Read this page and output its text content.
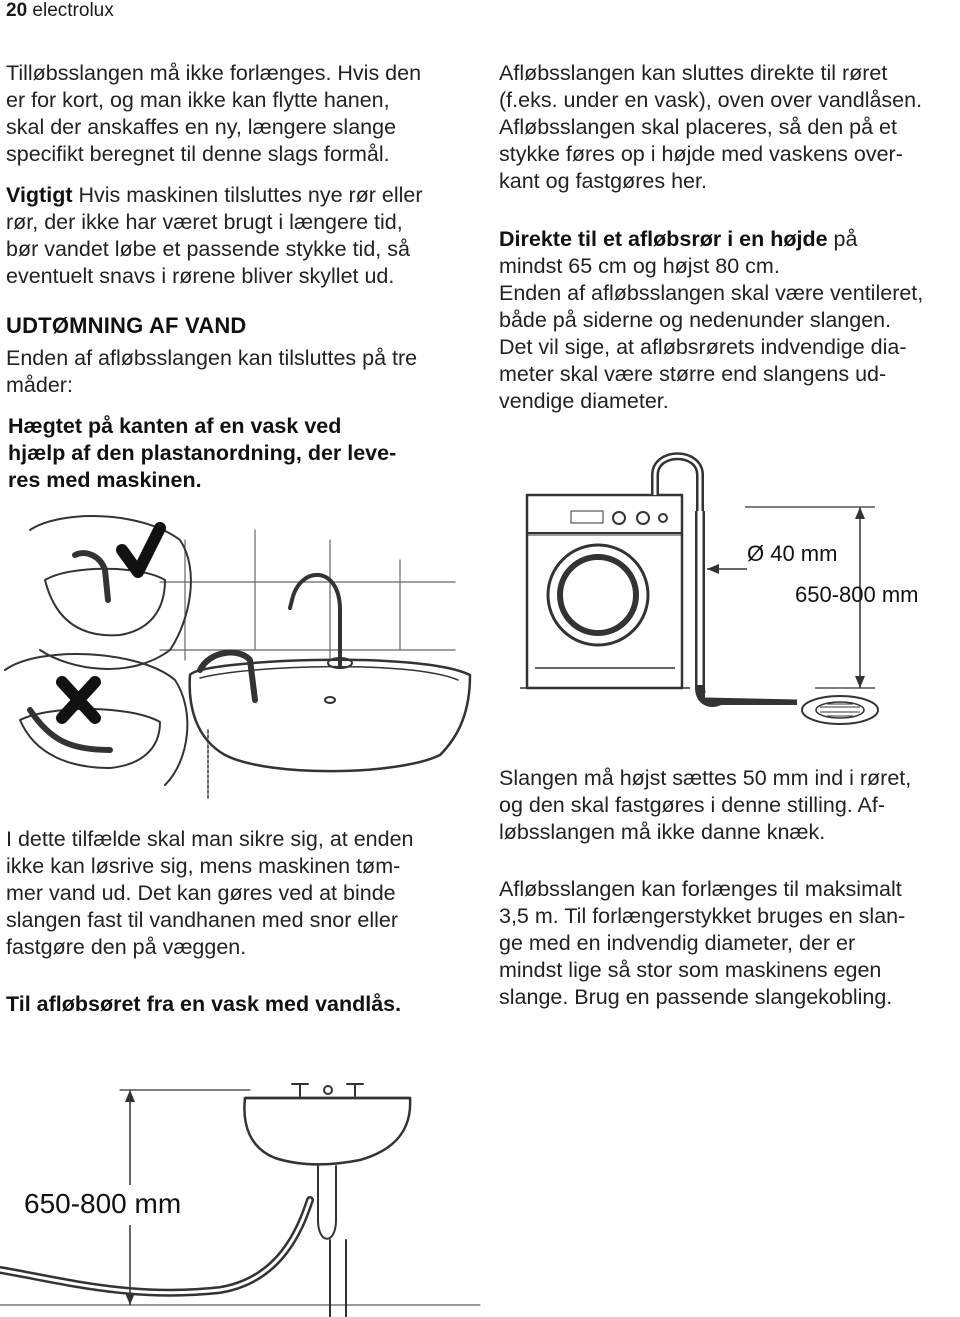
20 electrolux
Tilløbsslangen må ikke forlænges. Hvis den
er for kort, og man ikke kan flytte hanen,
skal der anskaffes en ny, længere slange
specifikt beregnet til denne slags formål.
Vigtigt Hvis maskinen tilsluttes nye rør eller
rør, der ikke har været brugt i længere tid,
bør vandet løbe et passende stykke tid, så
eventuelt snavs i rørene bliver skyllet ud.
UDTØMNING AF VAND
Enden af afløbsslangen kan tilsluttes på tre
måder:
Hægtet på kanten af en vask ved
hjælp af den plastanordning, der leve-
res med maskinen.
I dette tilfælde skal man sikre sig, at enden
ikke kan løsrive sig, mens maskinen tøm-
mer vand ud. Det kan gøres ved at binde
slangen fast til vandhanen med snor eller
fastgøre den på væggen.
Til afløbsøret fra en vask med vandlås.
Afløbsslangen kan sluttes direkte til røret
(f.eks. under en vask), oven over vandlåsen.
Afløbsslangen skal placeres, så den på et
stykke føres op i højde med vaskens over-
kant og fastgøres her.
Direkte til et afløbsrør i en højde på
mindst 65 cm og højst 80 cm.
Enden af afløbsslangen skal være ventileret,
både på siderne og nedenunder slangen.
Det vil sige, at afløbsrørets indvendige dia-
meter skal være større end slangens ud-
vendige diameter.
Slangen må højst sættes 50 mm ind i røret,
og den skal fastgøres i denne stilling. Af-
løbsslangen må ikke danne knæk.
Afløbsslangen kan forlænges til maksimalt
3,5 m. Til forlængerstykket bruges en slan-
ge med en indvendig diameter, der er
mindst lige så stor som maskinens egen
slange. Brug en passende slangekobling.
Ø 40 mm
650-800 mm
650-800 mm
